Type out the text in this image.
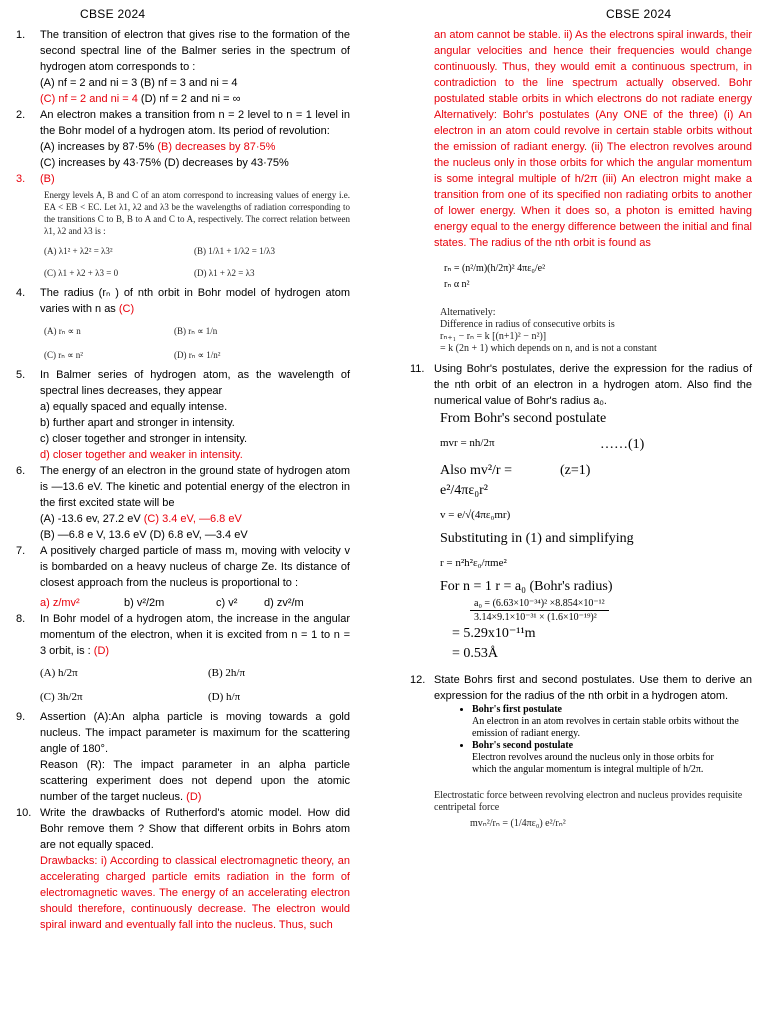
CBSE 2024	CBSE 2024
1. The transition of electron that gives rise to the formation of the second spectral line of the Balmer series in the spectrum of hydrogen atom corresponds to :

(A) nf = 2 and ni = 3 (B) nf = 3 and ni = 4

(C) nf = 2 and ni = 4 (D) nf = 2 and ni = ∞

2. An electron makes a transition from n = 2 level to n = 1 level in the Bohr model of a hydrogen atom. Its period of revolution:

(A) increases by 87·5% (B) decreases by 87·5%

(C) increases by 43·75% (D) decreases by 43·75%

3. (B)

Energy levels A, B and C of an atom correspond to increasing values of energy i.e. EA < EB < EC. Let λ1, λ2 and λ3 be the wavelengths of radiation corresponding to the transitions C to B, B to A and C to A, respectively. The correct relation between λ1, λ2 and λ3 is :

(A) λ1² + λ2² = λ3²	(B) 1/λ1 + 1/λ2 = 1/λ3
(C) λ1 + λ2 + λ3 = 0	(D) λ1 + λ2 = λ3
4. The radius (rₙ ) of nth orbit in Bohr model of hydrogen atom varies with n as (C)

(A) rₙ ∝ n	(B) rₙ ∝ 1/n
(C) rₙ ∝ n²	(D) rₙ ∝ 1/n²
5. In Balmer series of hydrogen atom, as the wavelength of spectral lines decreases, they appear

a) equally spaced and equally intense.

b) further apart and stronger in intensity.

c) closer together and stronger in intensity.

d) closer together and weaker in intensity.

6. The energy of an electron in the ground state of hydrogen atom is —13.6 eV. The kinetic and potential energy of the electron in the first excited state will be

(A) -13.6 ev, 27.2 eV (C) 3.4 eV, —6.8 eV

(B) —6.8 e V, 13.6 eV (D) 6.8 eV, —3.4 eV

7. A positively charged particle of mass m, moving with velocity v is bombarded on a heavy nucleus of charge Ze. Its distance of closest approach from the nucleus is proportional to :

a) z/mv²	b) v²/2m	c) v²	d) zv²/m
8. In Bohr model of a hydrogen atom, the increase in the angular momentum of the electron, when it is excited from n = 1 to n = 3 orbit, is : (D)

(A) h/2π	(B) 2h/π
(C) 3h/2π	(D) h/π
9. Assertion (A):An alpha particle is moving towards a gold nucleus. The impact parameter is maximum for the scattering angle of 180°.

Reason (R): The impact parameter in an alpha particle scattering experiment does not depend upon the atomic number of the target nucleus. (D)

10. Write the drawbacks of Rutherford's atomic model. How did Bohr remove them ? Show that different orbits in Bohrs atom are not equally spaced.

Drawbacks: i) According to classical electromagnetic theory, an accelerating charged particle emits radiation in the form of electromagnetic waves. The energy of an accelerating electron should therefore, continuously decrease. The electron would spiral inward and eventually fall into the nucleus. Thus, such

an atom cannot be stable. ii) As the electrons spiral inwards, their angular velocities and hence their frequencies would change continuously. Thus, they would emit a continuous spectrum, in contradiction to the line spectrum actually observed. Bohr postulated stable orbits in which electrons do not radiate energy Alternatively: Bohr's postulates (Any ONE of the three) (i) An electron in an atom could revolve in certain stable orbits without the emission of radiant energy. (ii) The electron revolves around the nucleus only in those orbits for which the angular momentum is some integral multiple of h/2π (iii) An electron might make a transition from one of its specified non radiating orbits to another of lower energy. When it does so, a photon is emitted having energy equal to the energy difference between the initial and final states. The radius of the nth orbit is found as

rₙ = (n²/m)(h/2π)² 4πε₀/e²
rₙ α n²
Alternatively:
Difference in radius of consecutive orbits is
rₙ₊₁ − rₙ = k [(n+1)² − n²)]
= k (2n + 1) which depends on n, and is not a constant
11. Using Bohr's postulates, derive the expression for the radius of the nth orbit of an electron in a hydrogen atom. Also find the numerical value of Bohr's radius a₀.

From Bohr's second postulate
mvr = nh/2π	……(1)
Also mv²/r = e²/4πε₀r²
(z=1)
v = e/√(4πε₀mr)
Substituting in (1) and simplifying
r = n²h²ε₀/πme²
For n = 1 r = a₀ (Bohr's radius)
a₀ = (6.63×10⁻³⁴)² ×8.854×10⁻¹²
3.14×9.1×10⁻³¹ × (1.6×10⁻¹⁹)²
= 5.29x10⁻¹¹m
= 0.53Å
12. State Bohrs first and second postulates. Use them to derive an expression for the radius of the nth orbit in a hydrogen atom.

• Bohr's first postulate
An electron in an atom revolves in certain stable orbits without the emission of radiant energy.
• Bohr's second postulate
Electron revolves around the nucleus only in those orbits for
which the angular momentum is integral multiple of h/2π.
Electrostatic force between revolving electron and nucleus provides requisite centripetal force
mvₙ²/rₙ = (1/4πε₀) e²/rₙ²
